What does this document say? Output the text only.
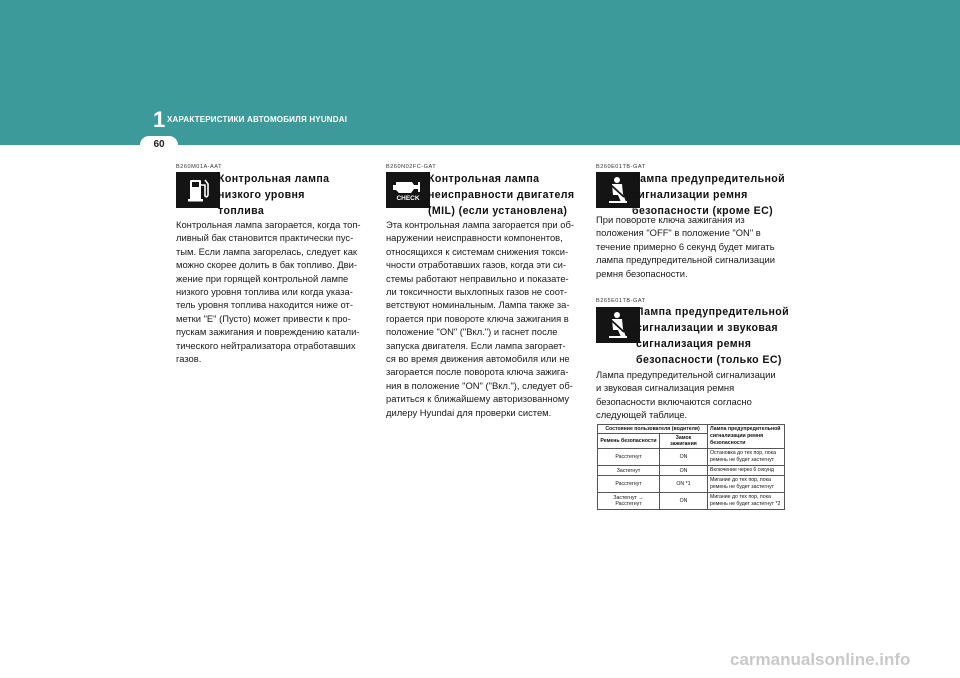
1 ХАРАКТЕРИСТИКИ АВТОМОБИЛЯ HYUNDAI
60
B260M01A-AAT
Контрольная лампа
низкого уровня
топлива
Контрольная лампа загорается, когда топ-
ливный бак становится практически пус-
тым. Если лампа загорелась, следует как
можно скорее долить в бак топливо. Дви-
жение при горящей контрольной лампе
низкого уровня топлива или когда указа-
тель уровня топлива находится ниже от-
метки "E" (Пусто) может привести к про-
пускам зажигания и повреждению катали-
тического нейтрализатора отработавших
газов.
B260N02FC-GAT
CHECK
Контрольная лампа
неисправности двигателя
(MIL) (если установлена)
Эта контрольная лампа загорается при об-
наружении неисправности компонентов,
относящихся к системам снижения токси-
чности отработавших газов, когда эти си-
стемы работают неправильно и показате-
ли токсичности выхлопных газов не соот-
ветствуют номинальным. Лампа также за-
горается при повороте ключа зажигания в
положение "ON" ("Вкл.") и гаснет после
запуска двигателя. Если лампа загорает-
ся во время движения автомобиля или не
загорается после поворота ключа зажига-
ния в положение "ON" ("Вкл."), следует об-
ратиться к ближайшему авторизованному
дилеру Hyundai для проверки систем.
B260E01TB-GAT
Лампа предупредительной
сигнализации ремня
безопасности (кроме ЕС)
При повороте ключа зажигания из
положения "OFF" в положение "ON" в
течение примерно 6 секунд будет мигать
лампа предупредительной сигнализации
ремня безопасности.
B265E01TB-GAT
Лампа предупредительной
сигнализации и звуковая
сигнализация ремня
безопасности (только ЕС)
Лампа предупредительной сигнализации
и звуковая сигнализация ремня
безопасности включаются согласно
следующей таблице.
Состояние пользователя (водителя)		Лампа предупредительной сигнализации ремня безопасности
Ремень безопасности	Замок зажигания	
Расстегнут	ON	Остановка до тех пор, пока ремень не будет застегнут
Застегнут	ON	Включение через 6 секунд
Расстегнут	ON *1	Мигание до тех пор, пока ремень не будет застегнут
Застегнут → Расстегнут	ON	Мигание до тех пор, пока ремень не будет застегнут *2
carmanualsonline.info
